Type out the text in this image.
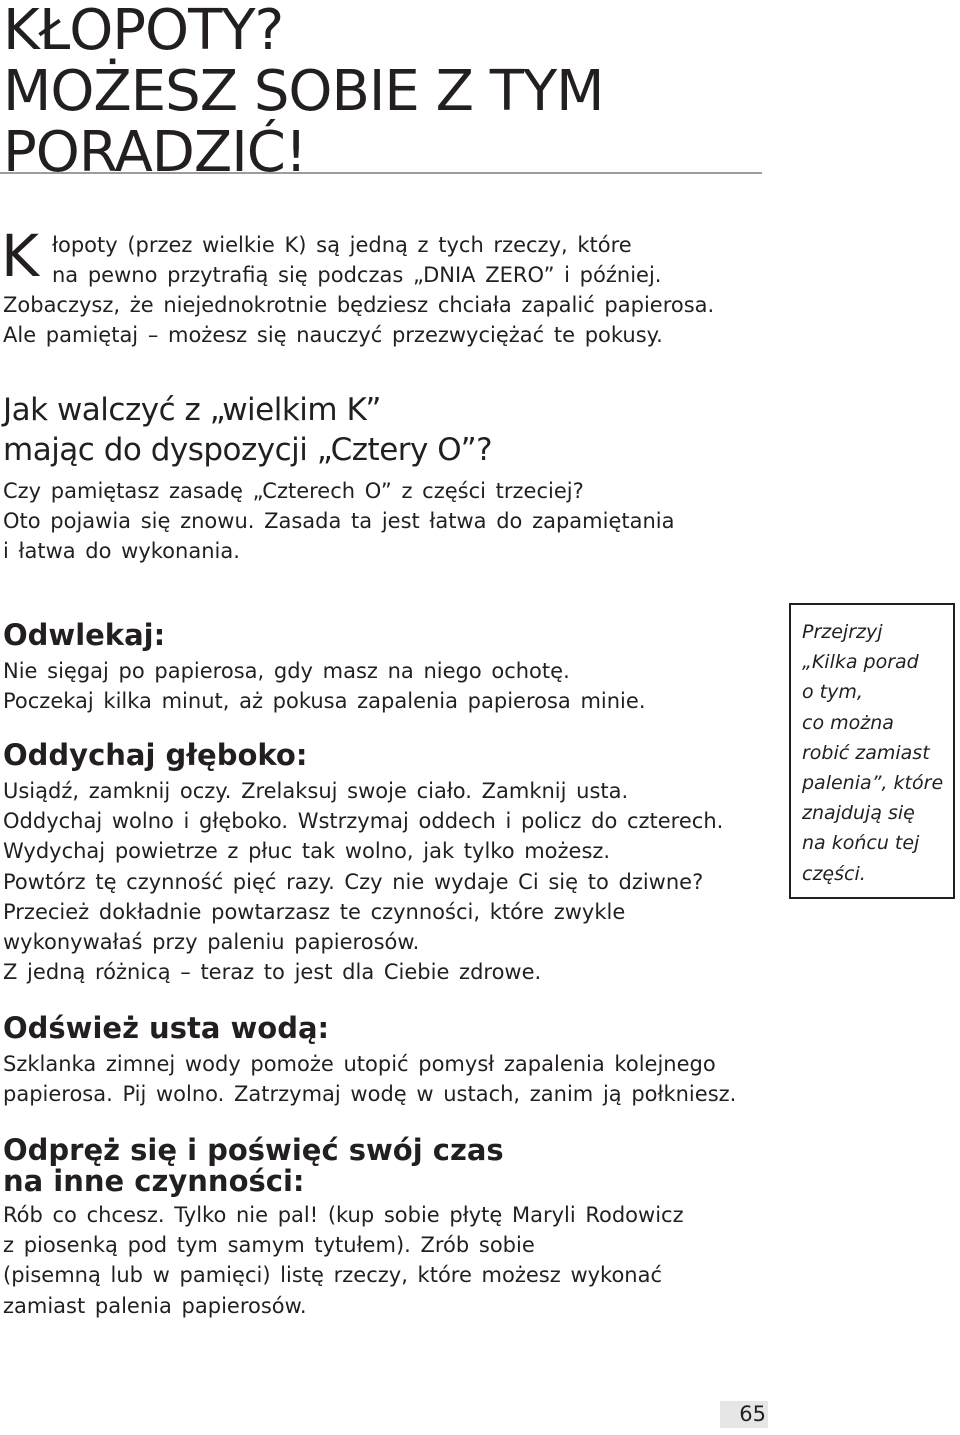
KŁOPOTY?
MOŻESZ SOBIE Z TYM
PORADZIĆ!
K łopoty (przez wielkie K) są jedną z tych rzeczy, które
na pewno przytrafią się podczas „DNIA ZERO” i później.
Zobaczysz, że niejednokrotnie będziesz chciała zapalić papierosa.
Ale pamiętaj – możesz się nauczyć przezwyciężać te pokusy.
Jak walczyć z „wielkim K”
mając do dyspozycji „Cztery O”?
Czy pamiętasz zasadę „Czterech O” z części trzeciej?
Oto pojawia się znowu. Zasada ta jest łatwa do zapamiętania
i łatwa do wykonania.
Odwlekaj:
Nie sięgaj po papierosa, gdy masz na niego ochotę.
Poczekaj kilka minut, aż pokusa zapalenia papierosa minie.
Oddychaj głęboko:
Usiądź, zamknij oczy. Zrelaksuj swoje ciało. Zamknij usta.
Oddychaj wolno i głęboko. Wstrzymaj oddech i policz do czterech.
Wydychaj powietrze z płuc tak wolno, jak tylko możesz.
Powtórz tę czynność pięć razy. Czy nie wydaje Ci się to dziwne?
Przecież dokładnie powtarzasz te czynności, które zwykle
wykonywałaś przy paleniu papierosów.
Z jedną różnicą – teraz to jest dla Ciebie zdrowe.
Odśwież usta wodą:
Szklanka zimnej wody pomoże utopić pomysł zapalenia kolejnego
papierosa. Pij wolno. Zatrzymaj wodę w ustach, zanim ją połkniesz.
Odpręż się i poświęć swój czas
na inne czynności:
Rób co chcesz. Tylko nie pal! (kup sobie płytę Maryli Rodowicz
z piosenką pod tym samym tytułem). Zrób sobie
(pisemną lub w pamięci) listę rzeczy, które możesz wykonać
zamiast palenia papierosów.
Przejrzyj
„Kilka porad
o tym,
co można
robić zamiast
palenia”, które
znajdują się
na końcu tej
części.
65
